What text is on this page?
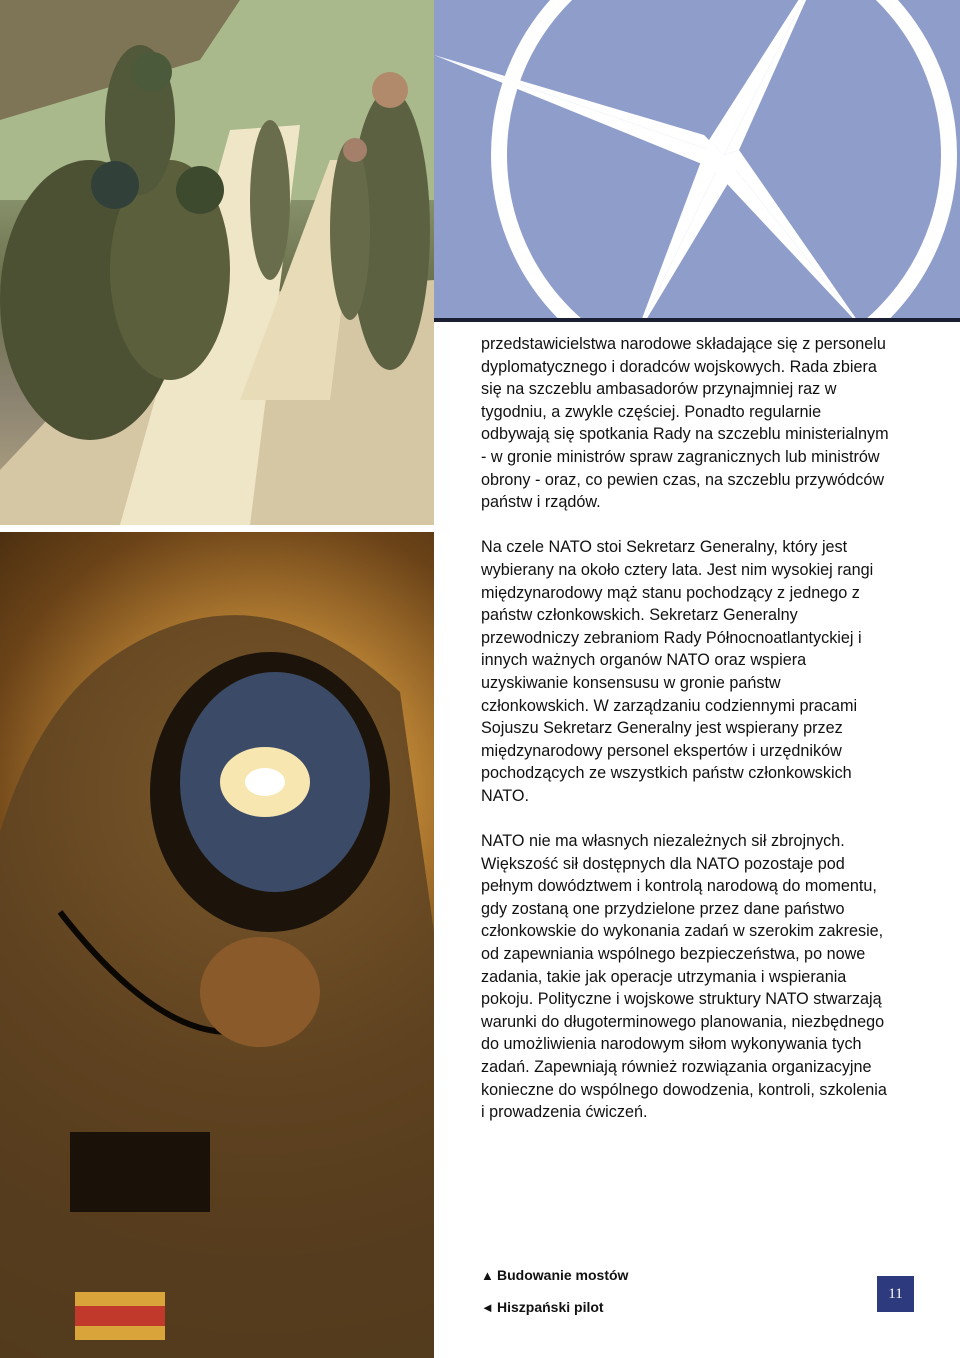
przedstawicielstwa narodowe składające się z personelu dyplomatycznego i doradców wojskowych. Rada zbiera się na szczeblu ambasadorów przynajmniej raz w tygodniu, a zwykle częściej. Ponadto regularnie odbywają się spotkania Rady na szczeblu ministerialnym - w gronie ministrów spraw zagranicznych lub ministrów obrony - oraz, co pewien czas, na szczeblu przywódców państw i rządów.

Na czele NATO stoi Sekretarz Generalny, który jest wybierany na około cztery lata. Jest nim wysokiej rangi międzynarodowy mąż stanu pochodzący z jednego z państw członkowskich. Sekretarz Generalny przewodniczy zebraniom Rady Północnoatlantyckiej i innych ważnych organów NATO oraz wspiera uzyskiwanie konsensusu w gronie państw członkowskich. W zarządzaniu codziennymi pracami Sojuszu Sekretarz Generalny jest wspierany przez międzynarodowy personel ekspertów i urzędników pochodzących ze wszystkich państw członkowskich NATO.

NATO nie ma własnych niezależnych sił zbrojnych. Większość sił dostępnych dla NATO pozostaje pod pełnym dowództwem i kontrolą narodową do momentu, gdy zostaną one przydzielone przez dane państwo członkowskie do wykonania zadań w szerokim zakresie, od zapewniania wspólnego bezpieczeństwa, po nowe zadania, takie jak operacje utrzymania i wspierania pokoju. Polityczne i wojskowe struktury NATO stwarzają warunki do długoterminowego planowania, niezbędnego do umożliwienia narodowym siłom wykonywania tych zadań. Zapewniają również rozwiązania organizacyjne konieczne do wspólnego dowodzenia, kontroli, szkolenia i prowadzenia ćwiczeń.

▲ Budowanie mostów
◄ Hiszpański pilot
11
